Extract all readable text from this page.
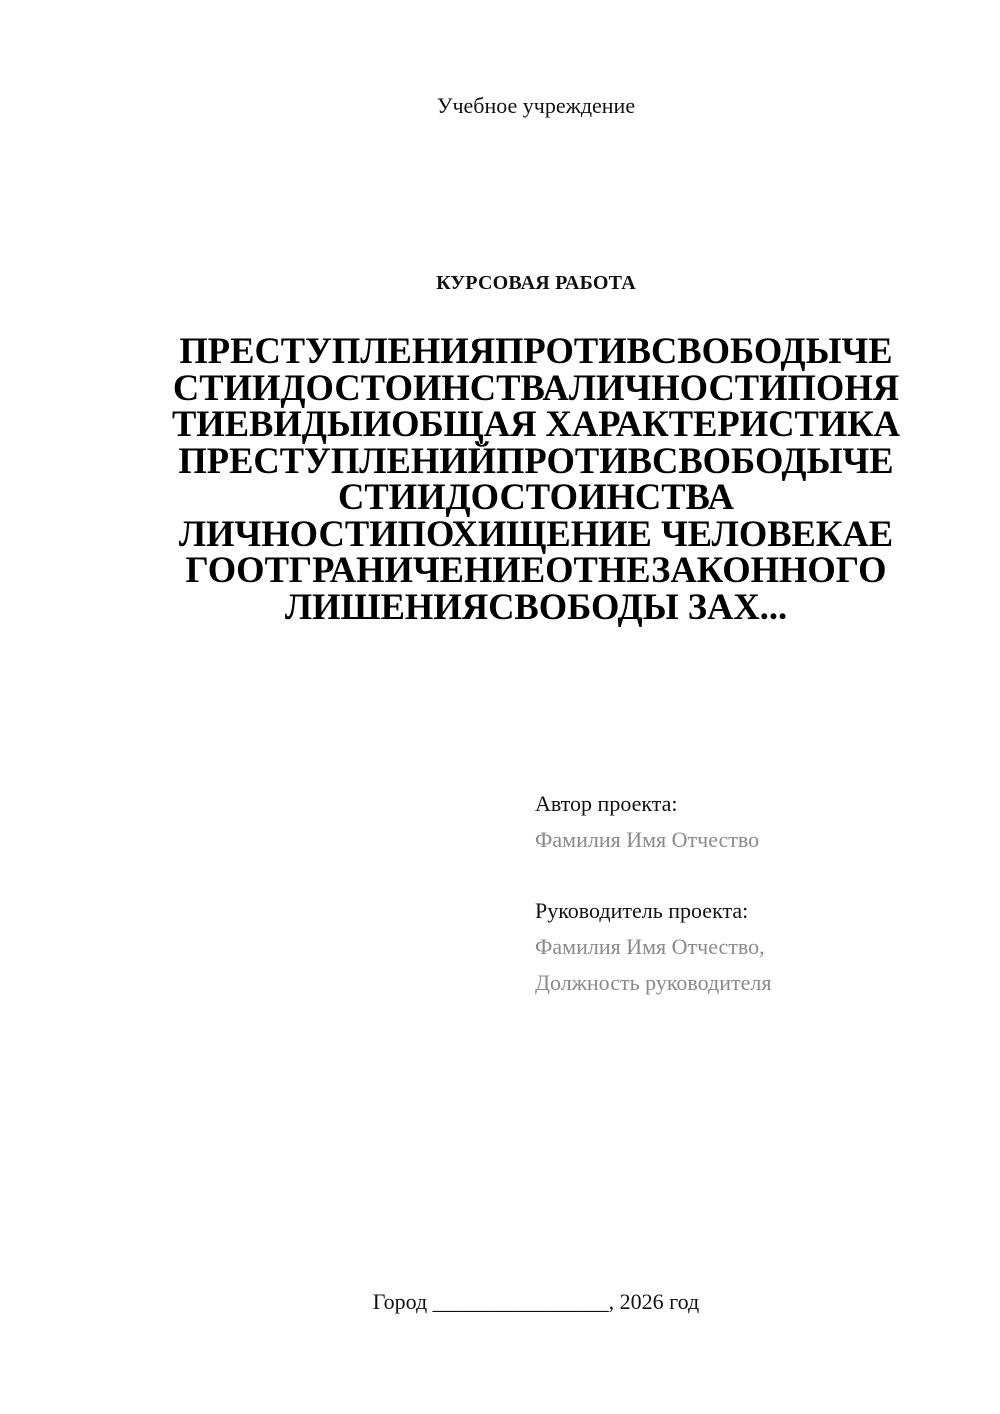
Учебное учреждение
КУРСОВАЯ РАБОТА
ПРЕСТУПЛЕНИЯПРОТИВСВОБОДЫЧЕ
СТИИДОСТОИНСТВАЛИЧНОСТИПОНЯ
ТИЕВИДЫИОБЩАЯ ХАРАКТЕРИСТИКА
ПРЕСТУПЛЕНИЙПРОТИВСВОБОДЫЧЕ
СТИИДОСТОИНСТВА
ЛИЧНОСТИПОХИЩЕНИЕ ЧЕЛОВЕКАЕ
ГООТГРАНИЧЕНИЕОТНЕЗАКОННОГО
ЛИШЕНИЯСВОБОДЫ ЗАХ...
Автор проекта:
Фамилия Имя Отчество
Руководитель проекта:
Фамилия Имя Отчество,
Должность руководителя
Город ________________, 2026 год
